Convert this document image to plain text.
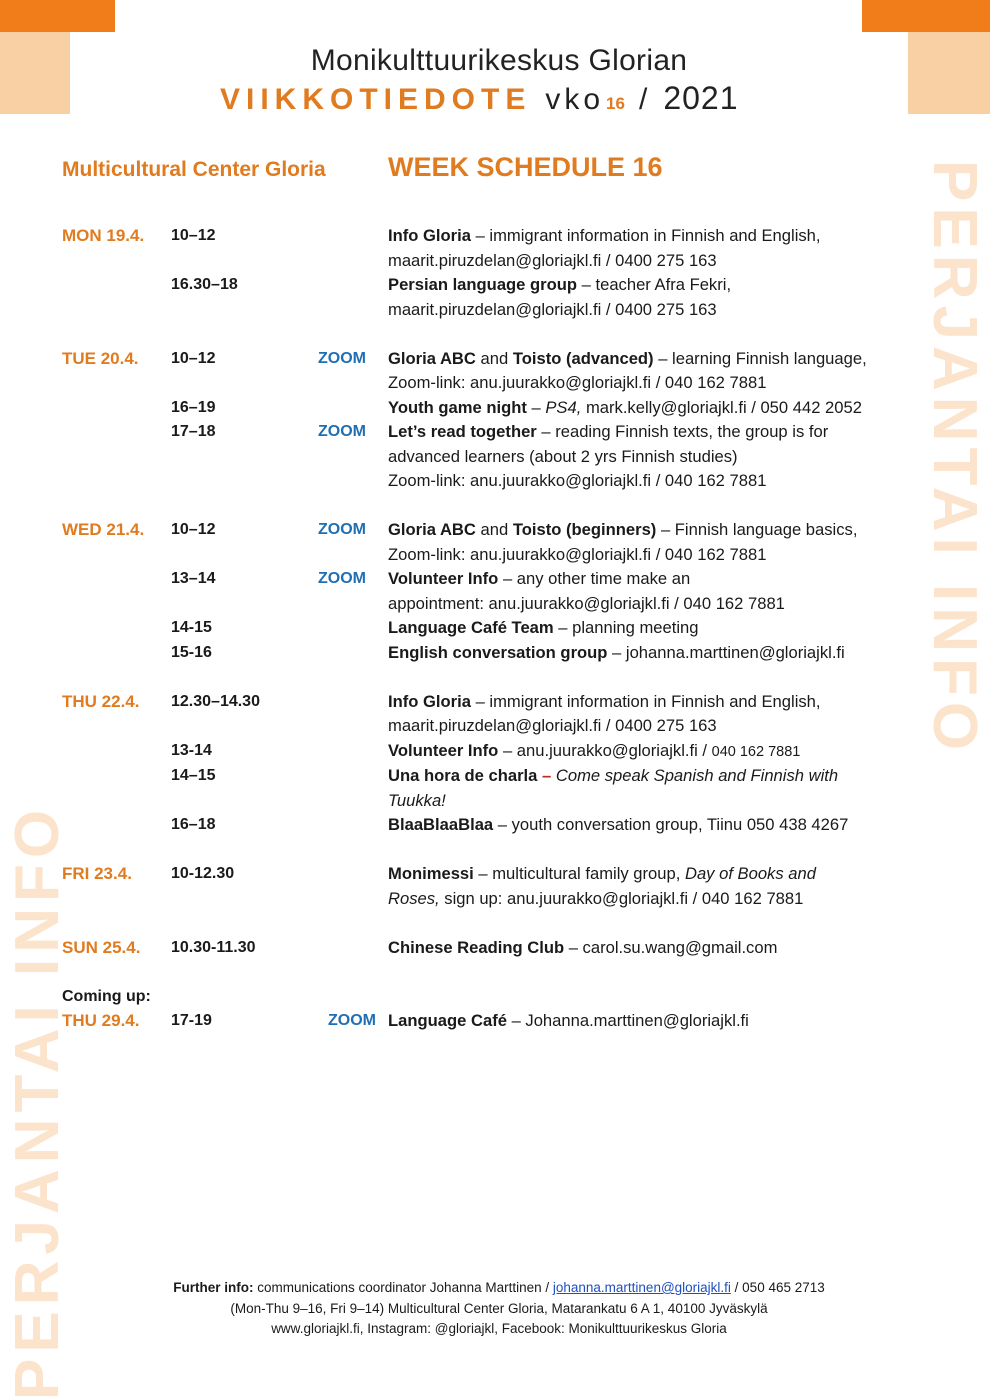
PERJANTAI INFO
PERJANTAI INFO
Monikulttuurikeskus Glorian
VIIKKOTIEDOTE vko 16 / 2021
Multicultural Center Gloria WEEK SCHEDULE 16
MON 19.4. 10–12	Info Gloria – immigrant information in Finnish and English,
maarit.piruzdelan@gloriajkl.fi / 0400 275 163
16.30–18	Persian language group – teacher Afra Fekri,
maarit.piruzdelan@gloriajkl.fi / 0400 275 163
TUE 20.4. 10–12	ZOOM Gloria ABC and Toisto (advanced) – learning Finnish language,
Zoom-link: anu.juurakko@gloriajkl.fi / 040 162 7881
16–19	Youth game night – PS4, mark.kelly@gloriajkl.fi / 050 442 2052
17–18	ZOOM Let’s read together – reading Finnish texts, the group is for
advanced learners (about 2 yrs Finnish studies)
Zoom-link: anu.juurakko@gloriajkl.fi / 040 162 7881
WED 21.4. 10–12	ZOOM Gloria ABC and Toisto (beginners) – Finnish language basics,
Zoom-link: anu.juurakko@gloriajkl.fi / 040 162 7881
13–14	ZOOM Volunteer Info – any other time make an
appointment: anu.juurakko@gloriajkl.fi / 040 162 7881
14-15	Language Café Team – planning meeting
15-16	English conversation group – johanna.marttinen@gloriajkl.fi
THU 22.4. 12.30–14.30	Info Gloria – immigrant information in Finnish and English,
maarit.piruzdelan@gloriajkl.fi / 0400 275 163
13-14	Volunteer Info – anu.juurakko@gloriajkl.fi / 040 162 7881
14–15	Una hora de charla – Come speak Spanish and Finnish with
Tuukka!
16–18	BlaaBlaaBlaa – youth conversation group, Tiinu 050 438 4267
FRI 23.4. 10-12.30	Monimessi – multicultural family group, Day of Books and
Roses, sign up: anu.juurakko@gloriajkl.fi / 040 162 7881
SUN 25.4. 10.30-11.30	Chinese Reading Club – carol.su.wang@gmail.com
Coming up:
THU 29.4. 17-19	ZOOM Language Café – Johanna.marttinen@gloriajkl.fi
Further info: communications coordinator Johanna Marttinen / johanna.marttinen@gloriajkl.fi / 050 465 2713
(Mon-Thu 9–16, Fri 9–14) Multicultural Center Gloria, Matarankatu 6 A 1, 40100 Jyväskylä
www.gloriajkl.fi, Instagram: @gloriajkl, Facebook: Monikulttuurikeskus Gloria
